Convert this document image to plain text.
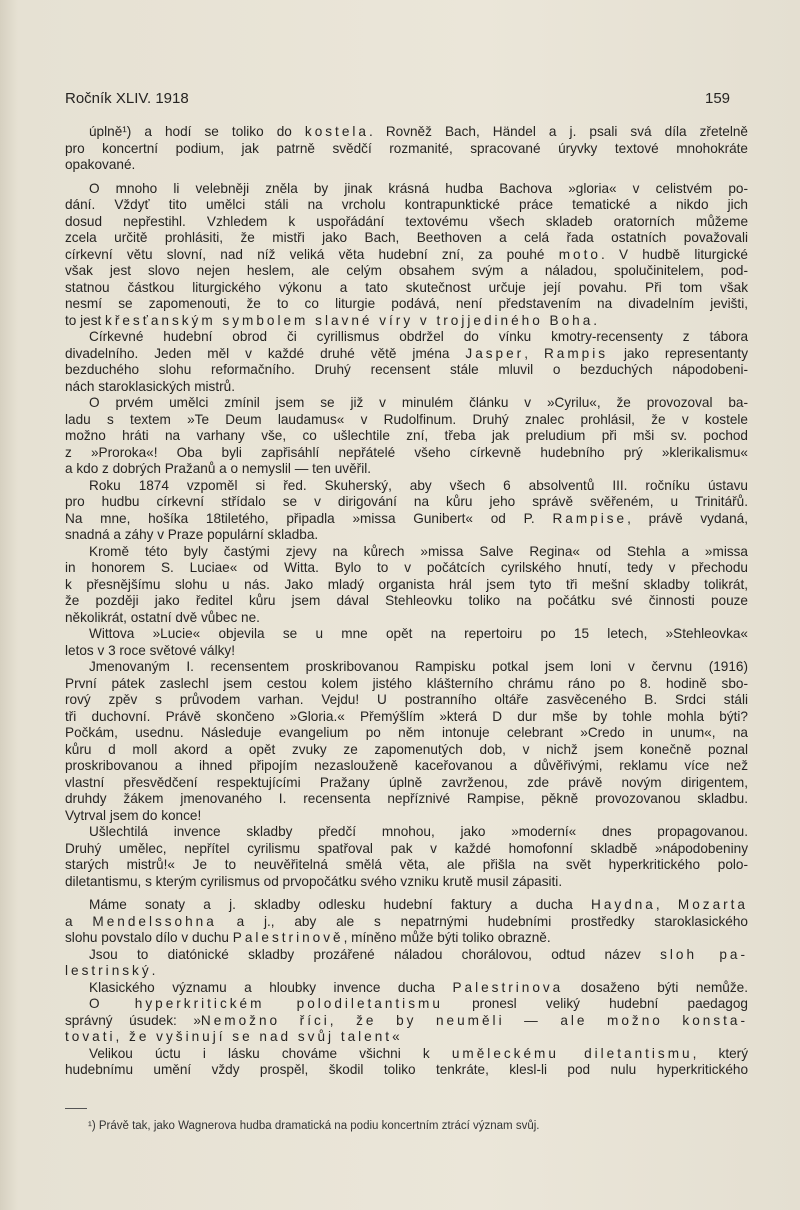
Ročník XLIV. 1918	159
úplně¹) a hodí se toliko do kostela. Rovněž Bach, Händel a j. psali svá díla zřetelně
pro koncertní podium, jak patrně svědčí rozmanité, spracované úryvky textové mnohokráte
opakované.
O mnoho li velebněji zněla by jinak krásná hudba Bachova »gloria« v celistvém po-
dání. Vždyť tito umělci stáli na vrcholu kontrapunktické práce tematické a nikdo jich
dosud nepřestihl. Vzhledem k uspořádání textovému všech skladeb oratorních můžeme
zcela určitě prohlásiti, že mistři jako Bach, Beethoven a celá řada ostatních považovali
církevní větu slovní, nad níž veliká věta hudební zní, za pouhé moto. V hudbě liturgické
však jest slovo nejen heslem, ale celým obsahem svým a náladou, spolučinitelem, pod-
statnou částkou liturgického výkonu a tato skutečnost určuje její povahu. Při tom však
nesmí se zapomenouti, že to co liturgie podává, není představením na divadelním jevišti,
to jest křesťanským symbolem slavné víry v trojjediného Boha.
Církevné hudební obrod či cyrillismus obdržel do vínku kmotry-recensenty z tábora
divadelního. Jeden měl v každé druhé větě jména Jasper, Rampis jako representanty
bezduchého slohu reformačního. Druhý recensent stále mluvil o bezduchých nápodobeni-
nách staroklasických mistrů.
O prvém umělci zmínil jsem se již v minulém článku v »Cyrilu«, že provozoval ba-
ladu s textem »Te Deum laudamus« v Rudolfinum. Druhý znalec prohlásil, že v kostele
možno hráti na varhany vše, co ušlechtile zní, třeba jak preludium při mši sv. pochod
z »Proroka«! Oba byli zapřisáhlí nepřátelé všeho církevně hudebního prý »klerikalismu«
a kdo z dobrých Pražanů a o nemyslil — ten uvěřil.
Roku 1874 vzpoměl si řed. Skuherský, aby všech 6 absolventů III. ročníku ústavu
pro hudbu církevní střídalo se v dirigování na kůru jeho správě svěřeném, u Trinitářů.
Na mne, hošíka 18tiletého, připadla »missa Gunibert« od P. Rampise, právě vydaná,
snadná a záhy v Praze populární skladba.
Kromě této byly častými zjevy na kůrech »missa Salve Regina« od Stehla a »missa
in honorem S. Luciae« od Witta. Bylo to v počátcích cyrilského hnutí, tedy v přechodu
k přesnějšímu slohu u nás. Jako mladý organista hrál jsem tyto tři mešní skladby tolikrát,
že později jako ředitel kůru jsem dával Stehleovku toliko na počátku své činnosti pouze
několikrát, ostatní dvě vůbec ne.
Wittova »Lucie« objevila se u mne opět na repertoiru po 15 letech, »Stehleovka«
letos v 3 roce světové války!
Jmenovaným I. recensentem proskribovanou Rampisku potkal jsem loni v červnu (1916)
První pátek zaslechl jsem cestou kolem jistého klášterního chrámu ráno po 8. hodině sbo-
rový zpěv s průvodem varhan. Vejdu! U postranního oltáře zasvěceného B. Srdci stáli
tři duchovní. Právě skončeno »Gloria.« Přemýšlím »která D dur mše by tohle mohla býti?
Počkám, usednu. Následuje evangelium po něm intonuje celebrant »Credo in unum«, na
kůru d moll akord a opět zvuky ze zapomenutých dob, v nichž jsem konečně poznal
proskribovanou a ihned připojím nezaslouženě kaceřovanou a důvěřivými, reklamu více než
vlastní přesvědčení respektujícími Pražany úplně zavrženou, zde právě novým dirigentem,
druhdy žákem jmenovaného I. recensenta nepříznivé Rampise, pěkně provozovanou skladbu.
Vytrval jsem do konce!
Ušlechtilá invence skladby předčí mnohou, jako »moderní« dnes propagovanou.
Druhý umělec, nepřítel cyrilismu spatřoval pak v každé homofonní skladbě »nápodobeniny
starých mistrů!« Je to neuvěřitelná smělá věta, ale přišla na svět hyperkritického polo-
diletantismu, s kterým cyrilismus od prvopočátku svého vzniku krutě musil zápasiti.
Máme sonaty a j. skladby odlesku hudební faktury a ducha Haydna, Mozarta
a Mendelssohna a j., aby ale s nepatrnými hudebními prostředky staroklasického
slohu povstalo dílo v duchu Palestrinově, míněno může býti toliko obrazně.
Jsou to diatónické skladby prozářené náladou chorálovou, odtud název sloh pa-
lestrinský.
Klasického významu a hloubky invence ducha Palestrinova dosaženo býti nemůže.
O hyperkritickém polodiletantismu pronesl veliký hudební paedagog
správný úsudek: »Nemožno říci, že by neuměli — ale možno konsta-
tovati, že vyšinují se nad svůj talent«
Velikou úctu i lásku chováme všichni k uměleckému diletantismu, který
hudebnímu umění vždy prospěl, škodil toliko tenkráte, klesl-li pod nulu hyperkritického
¹) Právě tak, jako Wagnerova hudba dramatická na podiu koncertním ztrácí význam svůj.
